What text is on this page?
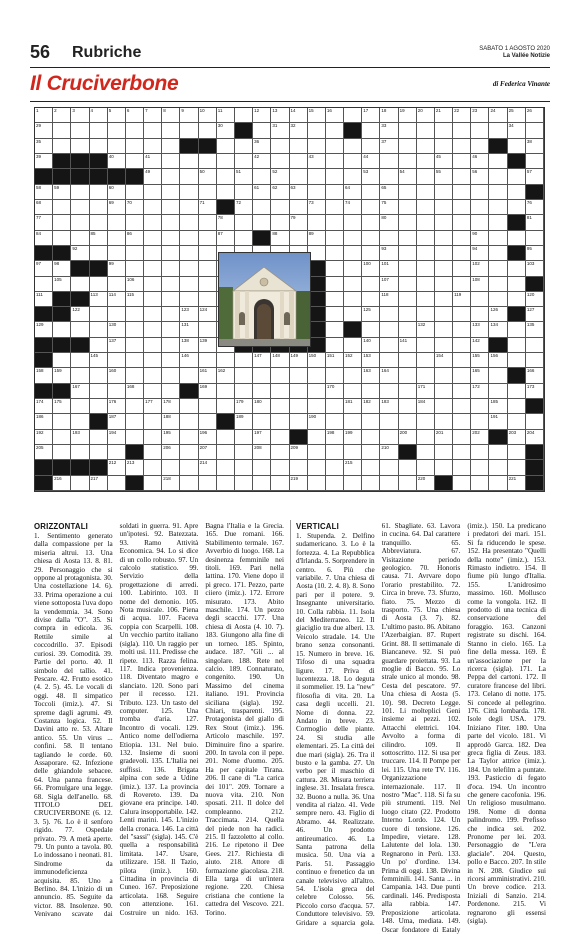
56 Rubriche	SABATO 1 AGOSTO 2020
La Vallée Notizie
Il Cruciverbone	di Federica Vinante
1	2	3	4	5	6	7	8	9	10	11	12	13	14	15	16	17	18	19	20	21	22	23	24	25	26
29	30	31	32	33	34
35	36	37	38
39	40	41	42	43	44	45	46
49	50	51	52	53	54	55	56	57
58	59	60	61	62	63	64	65
68	69	70	71	72	73	74	75	76
77	78	79	80	81
84	85	86	87	88	89	90
92	93	94	95
97	98	99	100 101	102	103
105	106	107	108
111	113 114 115	118	119	120
122	123 124	125	126	127
129	130	131	132	133 134	135
137	138 139	140	141	142
145	146	147 148 149 150 151 152 153	154	155 156
158 159	160	161 162	163 164	165	166
167	168	169	170	171	172	173
174 175	176	177 178	179 180	181 182 183	184	185
186	187	188	189	190	191
192	193	194	195	196	197	198 199	200	201	202	203 204
205	206	207	208	209	210
212 213	214	215
216	217	218	219	220	221
ORIZZONTALI
1. Sentimento generato dalla compassione per la miseria altrui. 13. Una chiesa di Aosta 13. 8. 81. 29. Personaggio che si oppone al protagonista. 30. Una costellazione 14. 6). 33. Prima operazione a cui viene sottoposta l'uva dopo la vendemmia. 34. Sono divise dalla "O". 35. Si compra in edicola. 36. Rettile simile al coccodrillo. 37. Episodi curiosi. 39. Comodità. 39. Partie del porto. 40. Il simbolo del tallio. 41. Pescare. 42. Frutto esotico (4. 2. 5). 45. Le vocali di oggi. 48. Il simpatico Toccoli (imiz.). 47. Si spreme dagli agrumi. 49. Costanza logica. 52. Il Davini atto re. 53. Altare antico. 55. Un virus ... confini. 58. Il tentano tagliando le corde. 60. Assaporare. 62. Infezione delle ghiandole sebacee. 64. Una panna francese. 66. Promulgare una legge. 68. Sigla dell'anello. 68. TITOLO DEL CRUCIVERBONE (6. 12. 3. 5). 76. Lo è il senforo rigido. 77. Ospedale privato. 79. A metà aperte. 79. Un punto a tavola. 80. Lo indossano i neonati. 81. Sindrome da immunodeficienza acquisita. 85. Uno a Berlino. 84. L'inizio di un annuncio. 85. Seguite da victor. 88. Insolenze. 90. Venivano scavate dai soldati in guerra. 91. Apre un'ipotesi. 92. Batezzata. 93. Ramo Attività Economica. 94. Lo si dice di un collo robusto. 97. Un calcolo statistico. 99. Servizio della progettazione di arredi. 100. Labirinto. 103. Il nome del demonio. 105. Nota musicale. 106. Piena di acqua. 107. Faceva coppia con Scarpelli. 108. Un vecchio partito italiano (sigla). 110. Un raggio per molti usi. 111. Predisse che ripete. 113. Razza felina. 117. Indica provenienza. 118. Diventato magro e slanciato. 120. Sono pari per il recesso. 121. Tributo. 123. Un tasto del computer. 125. Una tromba d'aria. 127. Incontro di vocali. 129. Antico nome dell'odierna Etiopia. 131. Nel buio. 132. Insieme di suoni gradevoli. 135. L'Italia nei suffissi. 136. Brigata alpina con sede a Udine (imiz.). 137. La provincia di Rovereto. 139. Da giovane era principe. 140. Calura insopportabile. 142. Lenti marini. 145. L'inizio della cronaca. 146. La città del "sassi" (sigla). 145. C'è quella a responsabilità limitata. 147. Usare, utilizzare. 158. Il Tazio, pilota (imiz.). 160. Cittadina in provincia di Cuneo. 167. Preposizione articolata. 168. Seguire con attenzione. 161. Costruire un nido. 163. Bagna l'Italia e la Grecia. 165. Due romani. 166. Stabilimento termale. 167. Avverbio di luogo. 168. La desinenza femminile nei titoli. 169. Pari nella lattina. 170. Viene dopo il pi greco. 171. Pezzo, parte ciiero (imiz.). 172. Errore misurato. 173. Abito maschile. 174. Un pezzo degli scacchi. 177. Una chiesa di Aosta (4. 10. 7). 183. Giungono alla fine di un torneo. 185. Spinto, audace. 187. "Gli ... al singolare. 188. Rete nel calcio. 189. Connaturato, congenito. 190. Un Massimo del cinema italiano. 191. Provincia siciliana (sigla). 192. Chiari, trasparenti. 195. Protagonista del giallo di Rex Stout (imiz.). 196. Articolo maschile. 197. Diminuire fino a sparire. 200. In tavola con il pepe. 201. Nome d'uomo. 205. Ha per capitale Tirana. 206. Il cane di "La carica dei 101". 209. Tornare a nuova vita. 210. Non sposati. 211. Il dolce del compleanno. 212. Traccimata. 214. Quella del piede non ha radici. 215. Il fazzoletto al collo. 216. Le ripetono il Dee Gees. 217. Richiesta di aiuto. 218. Attore di formazione giacolasa. 218. Ella targa di un'intera regione. 220. Chiesa cristiana che contiene la cattedra del Vescovo. 221. Torino.
VERTICALI
1. Stupenda. 2. Delfino sudamericano. 3. Lo è la fortezza. 4. La Repubblica d'Irlanda. 5. Sorprendere in centro. 6. Più che variabile. 7. Una chiesa di Aosta (10. 2. 4. 8). 8. Sono pari per il potere. 9. Insegnante universitario. 10. Colla rabbia. 11. Isola del Mediterraneo. 12. Il giaciglio tra due alberi. 13. Veicolo stradale. 14. Ute brano senza consonanti. 15. Numero in breve. 16. Tifoso di una squadra ligure. 17. Priva di lucentezza. 18. Lo deguta il sommelier. 19. La "new" filosofia di vita. 20. La casa degli uccelli. 21. Nome di donna. 22. Andato in breve. 23. Cormoglio delle piante. 24. Si studia alle elementari. 25. La città dei due mari (sigla). 26. Tra il busto e la gamba. 27. Un verbo per il maschio di cattura. 28. Misura terriera inglese. 31. Insalata fresca. 32. Buono a nulla. 36. Una vendita al rialzo. 41. Vede sempre nero. 43. Figlio di Abramo. 44. Realizzate. 46. Un prodotto antireumatico. 46. La Santa patrona della musica. 50. Una via a Paris. 51. Passaggio continuo e frenetico da un canale televisivo all'altro. 54. L'isola greca del celebre Colosso. 56. Piccolo corso d'acqua. 57. Conduttore televisivo. 59. Gridare a squarcia gola. 61. Sbagliate. 63. Lavora in cucina. 64. Dal carattere tranquillo. 65. Abbreviatura. 67. Visitazione periodo geologico. 70. Honoris causa. 71. Avrvare dopo l'orario prestabilito. 72. Circa in breve. 73. Sfurzo, fiato. 75. Mezzo di trasporto. 75. Una chiesa di Aosta (3. 7). 82. L'ultimo pasto. 86. Abitano l'Azerbaigian. 87. Rupert Grint. 88. Il settimanale di Biancaneve. 92. Si può guardare proiettata. 93. La moglie di Bacco. 95. Lo strale unico al mondo. 98. Cesta del pescatore. 97. Una chiesa di Aosta (5. 10). 98. Decreto Legge. 101. Li molteplici Geni insieme ai pezzi. 102. Attacchi elettrici. 104. Avvolto a forma di cilindro. 109. Il sottoscritto. 112. Si usa per truccare. 114. Il Pompe per lei. 115. Una rete TV. 116. Organizzazione internazionale. 117. Il nostro "Mac". 118. Si fa su più strumenti. 119. Nel luogo citato (22. Prodotto Interno Lordo. 124. Un cuore di tensione. 126. Impedire, vietare. 128. Lalutente del lola. 130. Regnarono in Perù. 133. Un po' d'ordine. 134. Prima di oggi. 138. Divina femminili. 141. Santa ... in Campania. 143. Due punti cardinali. 146. Predisposta alla rabbia. 147. Preposizione articolata. 148. Uma, mediata. 149. Oscar fondatore di Eataly (imiz.). 150. La predicano i predatori dei mari. 151. Si fa riducendo le spese. 152. Ha presentato "Quelli della notte" (imiz.). 153. Rimasto indietro. 154. Il fiume più lungo d'Italia. 155. L'anidrosimo massimo. 160. Mollusco come la vongola. 162. Il prodotto di una tecnica di conservazione del foraggio. 163. Canzoni registrate su dischi. 164. Stanno in cielo. 165. La fine della messa. 169. È un'associazione per la ricerca (sigla). 171. La Peppa del cartoni. 172. Il curatore francese del libri. 173. Celano di notte. 175. Si concede al pellegrino. 176. Città lombarda. 178. Isole degli USA. 179. Iniziano l'iter. 180. Una parte del vicolo. 181. Vi approdò Garca. 182. Dea greca figlia di Zeus. 183. La Taylor attrice (imiz.). 184. Un telefilm a puntate. 193. Pasticcio di fegato d'oca. 194. Un incontro che genere cacofonia. 196. Un religioso musulmano. 198. Nome di donna palindromo. 199. Prefisso che indica sei. 202. Pronome per lei. 203. Personaggio de "L'era glaciale". 204. Questo, pollo e Bacco. 207. In stile in N. 208. Giudice sui ricorsi amministrativi. 210. Un breve codice. 213. Iniziali di Sanzio. 214. Pordenone. 215. Vi regnarono gli essensi (sigla).
